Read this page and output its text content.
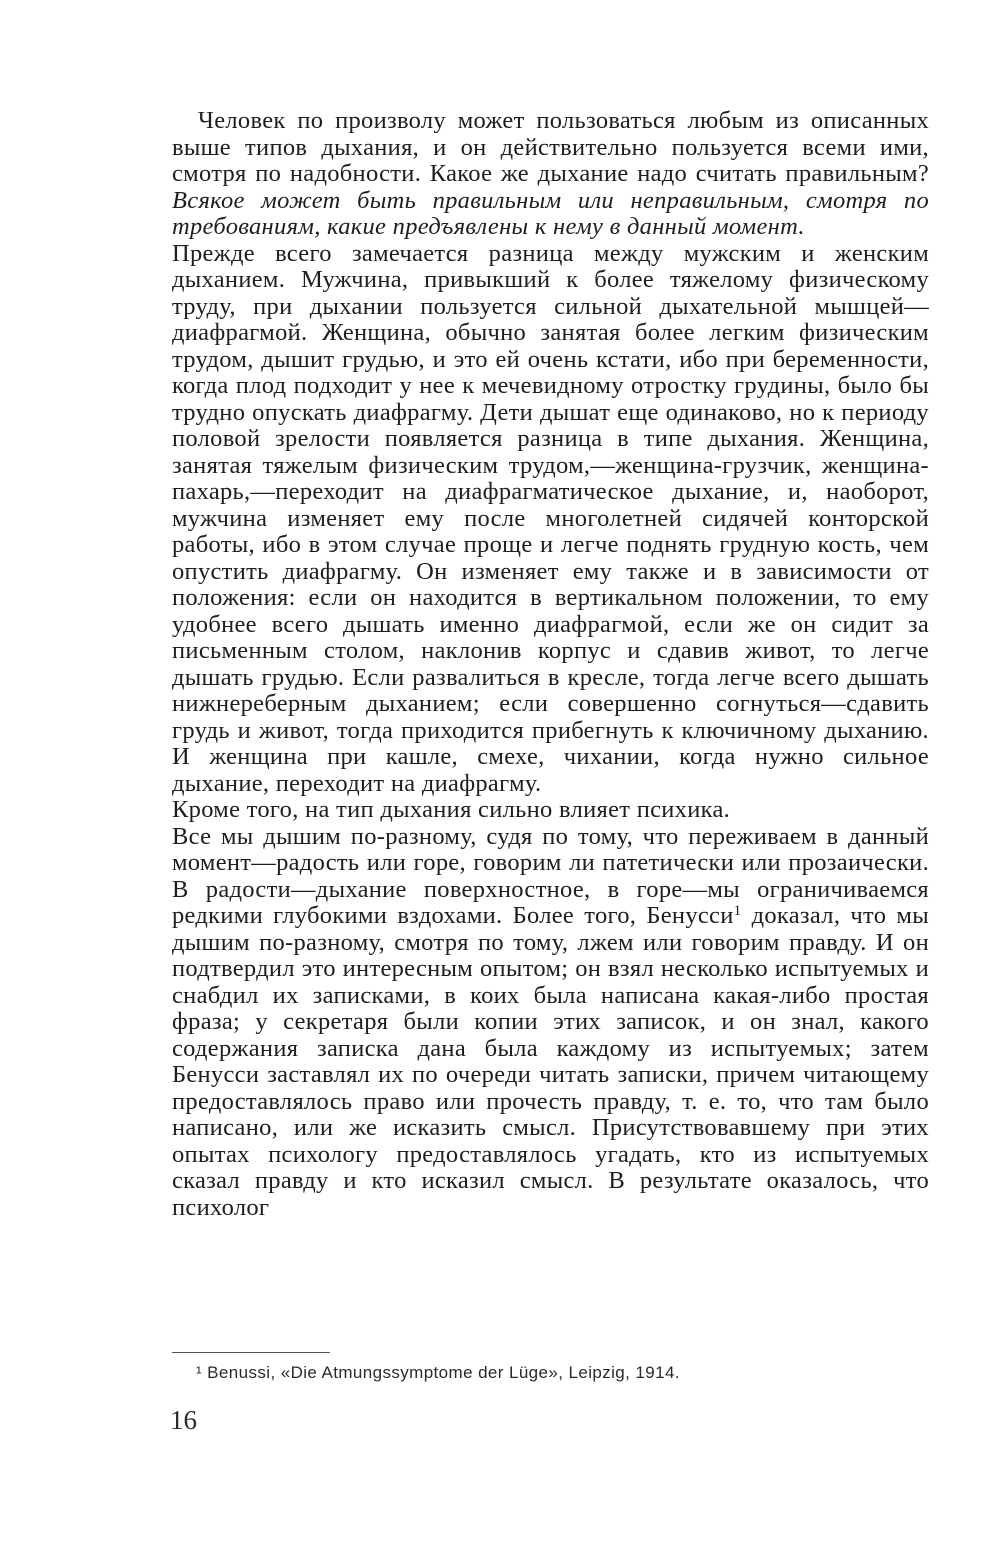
Человек по произволу может пользоваться любым из описанных выше типов дыхания, и он действительно пользуется всеми ими, смотря по надобности. Какое же дыхание надо считать правильным? Всякое может быть правильным или неправильным, смотря по требованиям, какие предъявлены к нему в данный момент.

Прежде всего замечается разница между мужским и женским дыханием. Мужчина, привыкший к более тяжелому физическому труду, при дыхании пользуется сильной дыхательной мышцей—диафрагмой. Женщина, обычно занятая более легким физическим трудом, дышит грудью, и это ей очень кстати, ибо при беременности, когда плод подходит у нее к мечевидному отростку грудины, было бы трудно опускать диафрагму. Дети дышат еще одинаково, но к периоду половой зрелости появляется разница в типе дыхания. Женщина, занятая тяжелым физическим трудом,—женщина-грузчик, женщина-пахарь,—переходит на диафрагматическое дыхание, и, наоборот, мужчина изменяет ему после многолетней сидячей конторской работы, ибо в этом случае проще и легче поднять грудную кость, чем опустить диафрагму. Он изменяет ему также и в зависимости от положения: если он находится в вертикальном положении, то ему удобнее всего дышать именно диафрагмой, если же он сидит за письменным столом, наклонив корпус и сдавив живот, то легче дышать грудью. Если развалиться в кресле, тогда легче всего дышать нижнереберным дыханием; если совершенно согнуться—сдавить грудь и живот, тогда приходится прибегнуть к ключичному дыханию. И женщина при кашле, смехе, чихании, когда нужно сильное дыхание, переходит на диафрагму.

Кроме того, на тип дыхания сильно влияет психика.

Все мы дышим по-разному, судя по тому, что переживаем в данный момент—радость или горе, говорим ли патетически или прозаически. В радости—дыхание поверхностное, в горе—мы ограничиваемся редкими глубокими вздохами. Более того, Бенусси$^1$ доказал, что мы дышим по-разному, смотря по тому, лжем или говорим правду. И он подтвердил это интересным опытом; он взял несколько испытуемых и снабдил их записками, в коих была написана какая-либо простая фраза; у секретаря были копии этих записок, и он знал, какого содержания записка дана была каждому из испытуемых; затем Бенусси заставлял их по очереди читать записки, причем читающему предоставлялось право или прочесть правду, т. е. то, что там было написано, или же исказить смысл. Присутствовавшему при этих опытах психологу предоставлялось угадать, кто из испытуемых сказал правду и кто исказил смысл. В результате оказалось, что психолог

¹ Benussi, «Die Atmungssymptome der Lüge», Leipzig, 1914.
16
